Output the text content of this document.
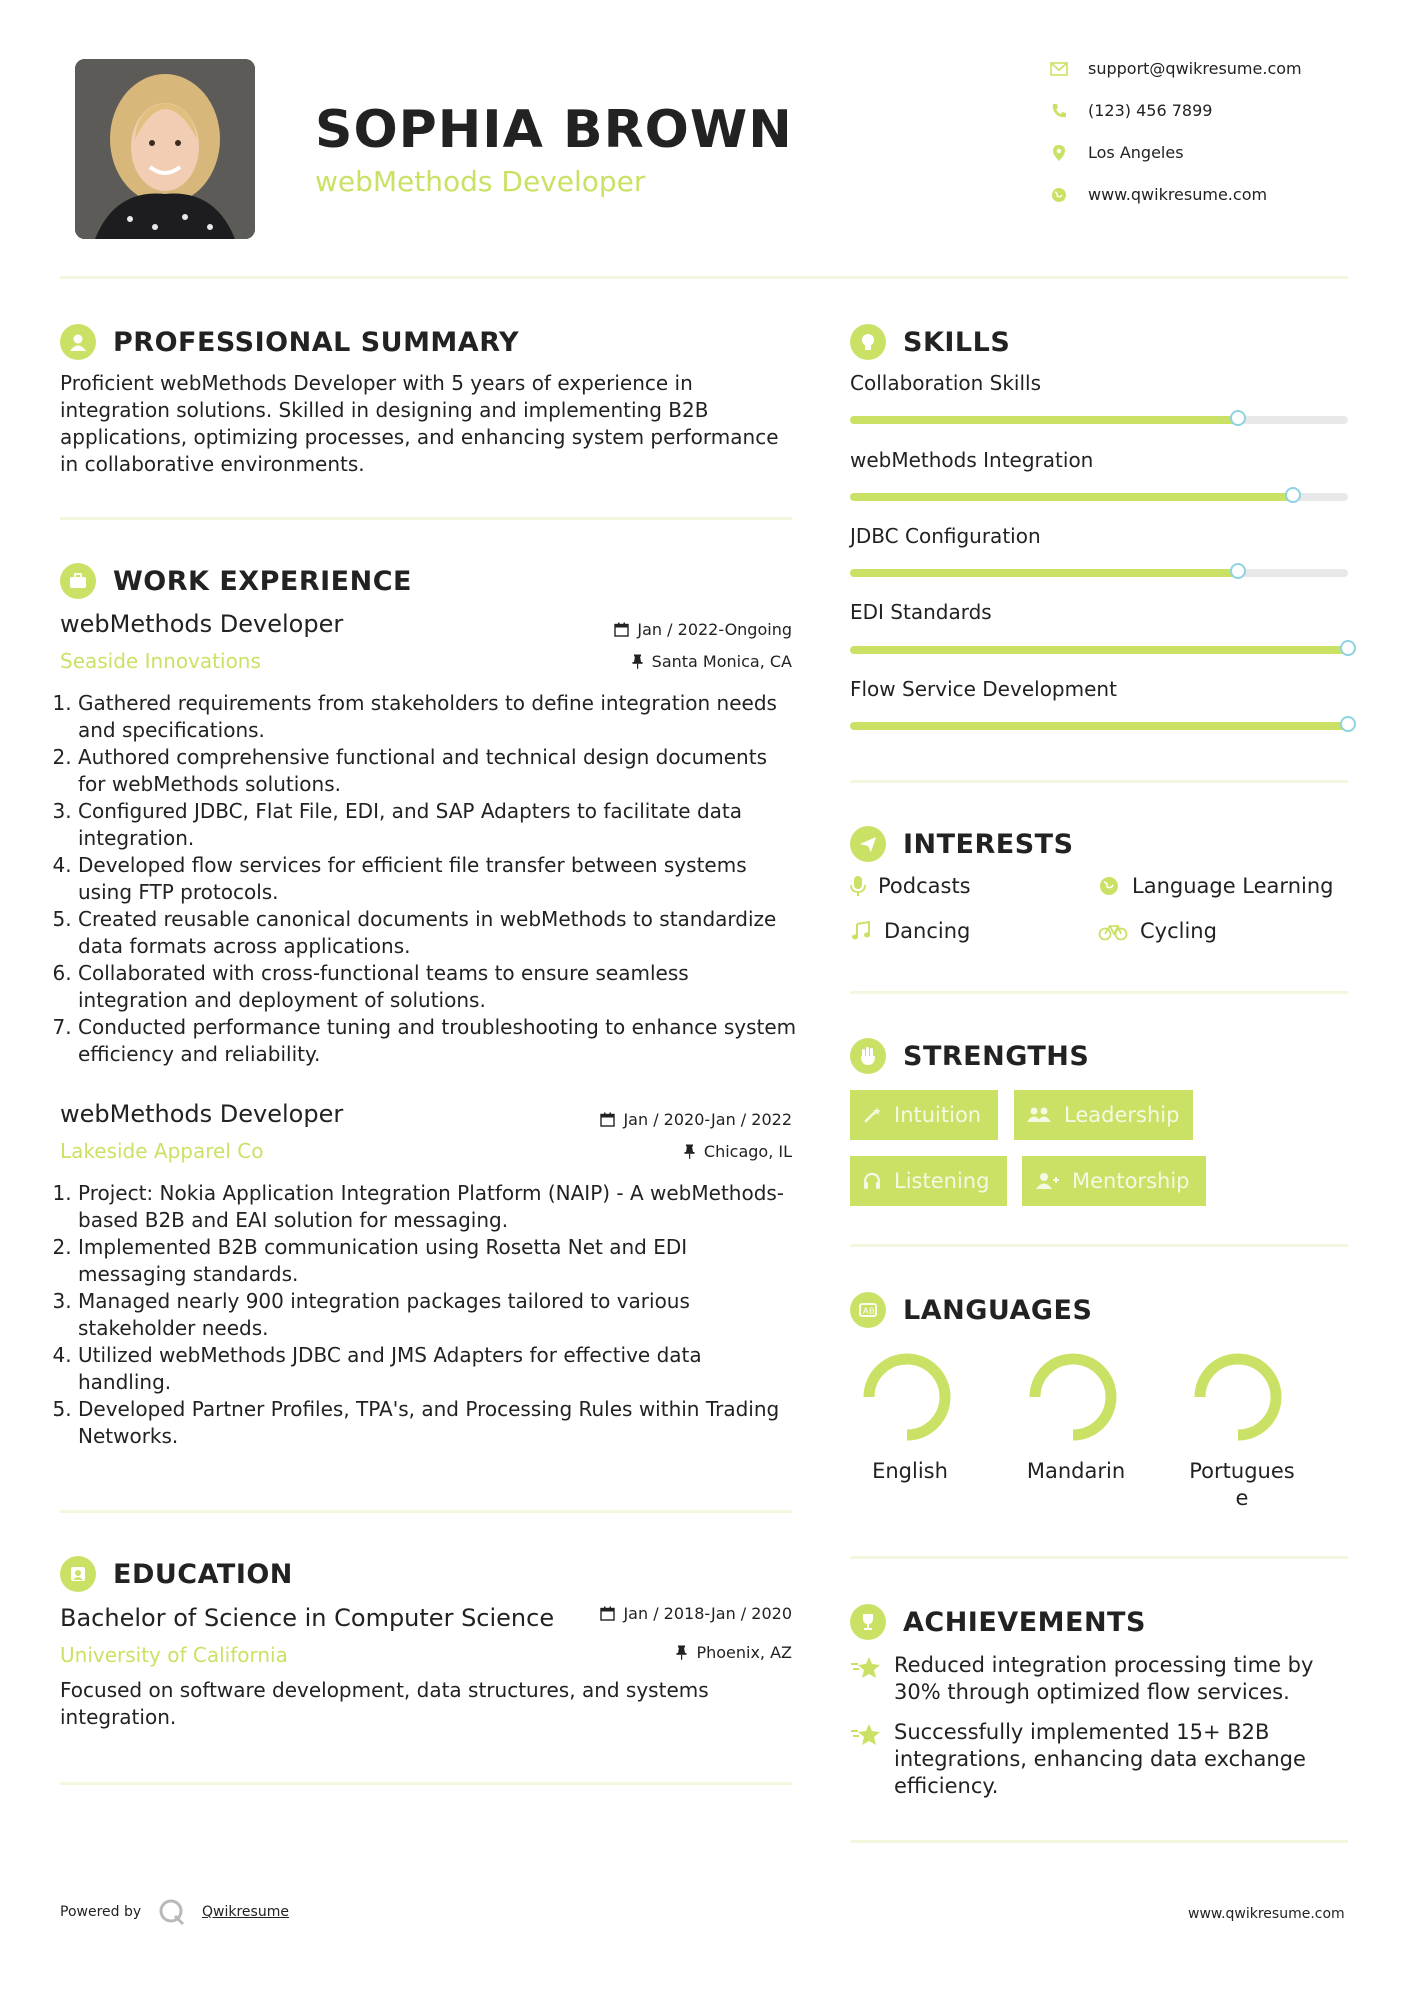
SOPHIA BROWN
webMethods Developer
support@qwikresume.com
(123) 456 7899
Los Angeles
www.qwikresume.com
PROFESSIONAL SUMMARY
Proficient webMethods Developer with 5 years of experience in integration solutions. Skilled in designing and implementing B2B applications, optimizing processes, and enhancing system performance in collaborative environments.
WORK EXPERIENCE
webMethods Developer	Jan / 2022-Ongoing
Seaside Innovations	Santa Monica, CA
1. Gathered requirements from stakeholders to define integration needs and specifications.
2. Authored comprehensive functional and technical design documents for webMethods solutions.
3. Configured JDBC, Flat File, EDI, and SAP Adapters to facilitate data integration.
4. Developed flow services for efficient file transfer between systems using FTP protocols.
5. Created reusable canonical documents in webMethods to standardize data formats across applications.
6. Collaborated with cross-functional teams to ensure seamless integration and deployment of solutions.
7. Conducted performance tuning and troubleshooting to enhance system efficiency and reliability.
webMethods Developer	Jan / 2020-Jan / 2022
Lakeside Apparel Co	Chicago, IL
1. Project: Nokia Application Integration Platform (NAIP) - A webMethods-based B2B and EAI solution for messaging.
2. Implemented B2B communication using Rosetta Net and EDI messaging standards.
3. Managed nearly 900 integration packages tailored to various stakeholder needs.
4. Utilized webMethods JDBC and JMS Adapters for effective data handling.
5. Developed Partner Profiles, TPA's, and Processing Rules within Trading Networks.
EDUCATION
Bachelor of Science in Computer Science	Jan / 2018-Jan / 2020
University of California	Phoenix, AZ
Focused on software development, data structures, and systems integration.
SKILLS
Collaboration Skills
webMethods Integration
JDBC Configuration
EDI Standards
Flow Service Development
INTERESTS
Podcasts	Language Learning
Dancing	Cycling
STRENGTHS
Intuition	Leadership
Listening	Mentorship
A B LANGUAGES
English	Mandarin	Portugues
e
ACHIEVEMENTS
Reduced integration processing time by 30% through optimized flow services.
Successfully implemented 15+ B2B integrations, enhancing data exchange efficiency.
Powered by	Qwikresume	www.qwikresume.com
